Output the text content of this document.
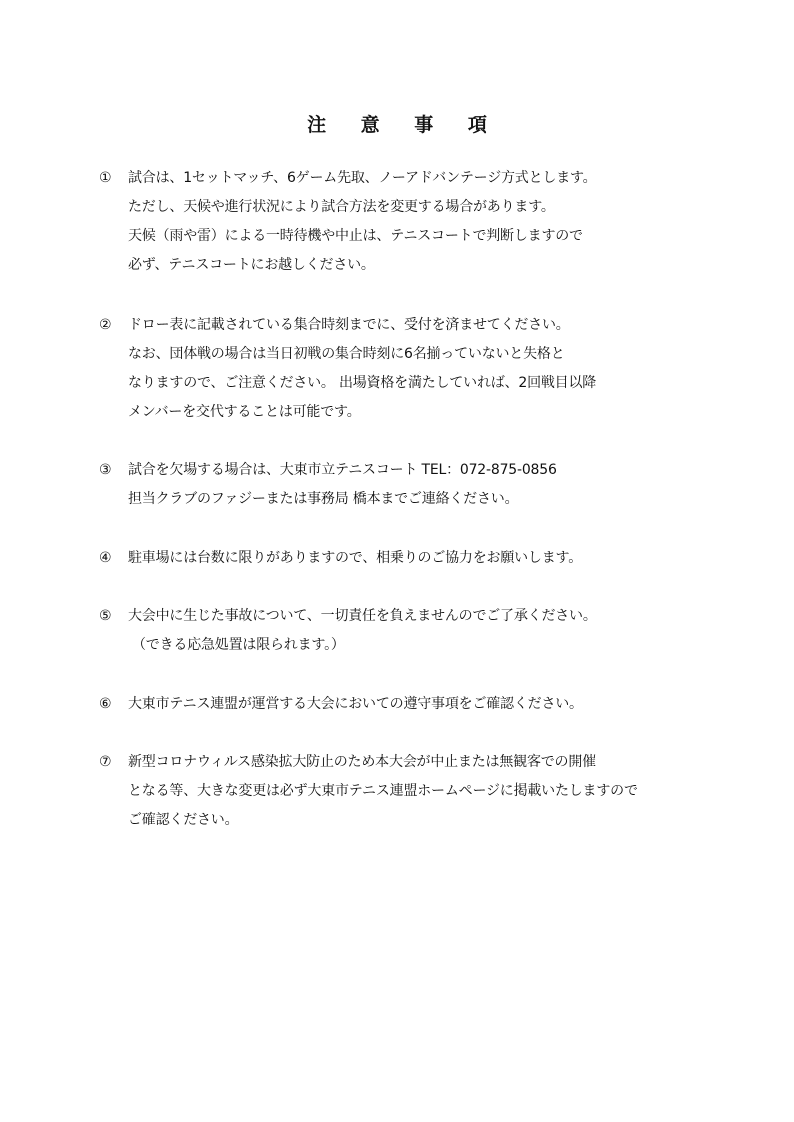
注 意 事 項
① 試合は、1セットマッチ、6ゲーム先取、ノーアドバンテージ方式とします。
ただし、天候や進行状況により試合方法を変更する場合があります。
天候（雨や雷）による一時待機や中止は、テニスコートで判断しますので
必ず、テニスコートにお越しください。
② ドロー表に記載されている集合時刻までに、受付を済ませてください。
なお、団体戦の場合は当日初戦の集合時刻に6名揃っていないと失格と
なりますので、ご注意ください。 出場資格を満たしていれば、2回戦目以降
メンバーを交代することは可能です。
③ 試合を欠場する場合は、大東市立テニスコート TEL：072-875-0856
担当クラブのファジーまたは事務局 橋本までご連絡ください。
④ 駐車場には台数に限りがありますので、相乗りのご協力をお願いします。
⑤ 大会中に生じた事故について、一切責任を負えませんのでご了承ください。
（できる応急処置は限られます。）
⑥ 大東市テニス連盟が運営する大会においての遵守事項をご確認ください。
⑦ 新型コロナウィルス感染拡大防止のため本大会が中止または無観客での開催
となる等、大きな変更は必ず大東市テニス連盟ホームページに掲載いたしますので
ご確認ください。
